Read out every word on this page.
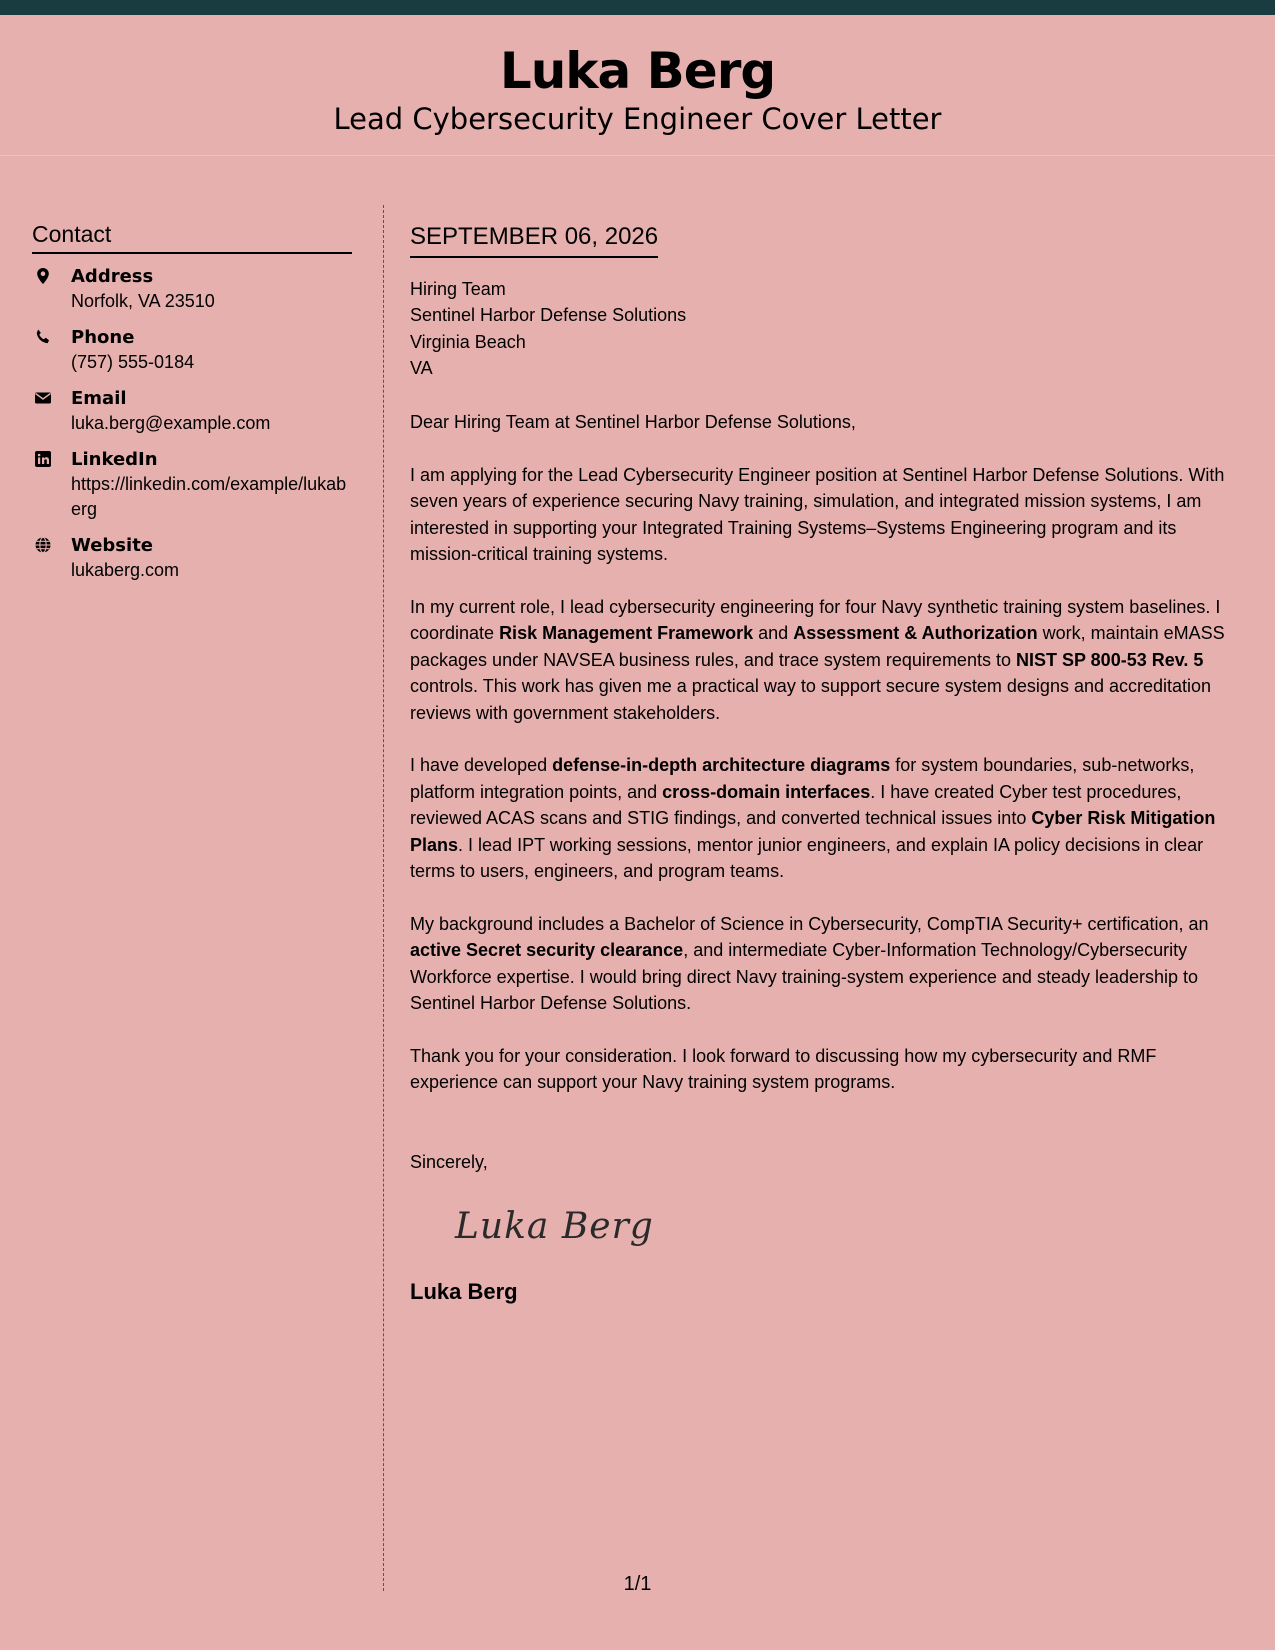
Luka Berg
Lead Cybersecurity Engineer Cover Letter
Contact
Address
Norfolk, VA 23510
Phone
(757) 555-0184
Email
luka.berg@example.com
LinkedIn
https://linkedin.com/example/lukaberg
Website
lukaberg.com
SEPTEMBER 06, 2026
Hiring Team
Sentinel Harbor Defense Solutions
Virginia Beach
VA
Dear Hiring Team at Sentinel Harbor Defense Solutions,
I am applying for the Lead Cybersecurity Engineer position at Sentinel Harbor Defense Solutions. With seven years of experience securing Navy training, simulation, and integrated mission systems, I am interested in supporting your Integrated Training Systems–Systems Engineering program and its mission-critical training systems.
In my current role, I lead cybersecurity engineering for four Navy synthetic training system baselines. I coordinate Risk Management Framework and Assessment & Authorization work, maintain eMASS packages under NAVSEA business rules, and trace system requirements to NIST SP 800-53 Rev. 5 controls. This work has given me a practical way to support secure system designs and accreditation reviews with government stakeholders.
I have developed defense-in-depth architecture diagrams for system boundaries, sub-networks, platform integration points, and cross-domain interfaces. I have created Cyber test procedures, reviewed ACAS scans and STIG findings, and converted technical issues into Cyber Risk Mitigation Plans. I lead IPT working sessions, mentor junior engineers, and explain IA policy decisions in clear terms to users, engineers, and program teams.
My background includes a Bachelor of Science in Cybersecurity, CompTIA Security+ certification, an active Secret security clearance, and intermediate Cyber-Information Technology/Cybersecurity Workforce expertise. I would bring direct Navy training-system experience and steady leadership to Sentinel Harbor Defense Solutions.
Thank you for your consideration. I look forward to discussing how my cybersecurity and RMF experience can support your Navy training system programs.
Sincerely,
Luka Berg
Luka Berg
1/1
